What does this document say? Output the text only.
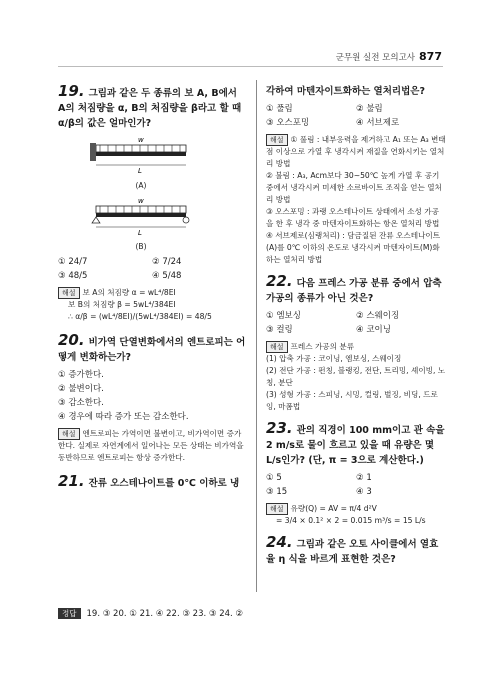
군무원 실전 모의고사 877

19. 그림과 같은 두 종류의 보 A, B에서 A의 처짐량을 α, B의 처짐량을 β라고 할 때 α/β의 값은 얼마인가?

w
L
(A)
w
L
(B)
① 24/7	② 7/24
③ 48/5	④ 5/48
해설 보 A의 처짐량 α = wL⁴/8EI
보 B의 처짐량 β = 5wL⁴/384EI
∴ α/β = (wL⁴/8EI)/(5wL⁴/384EI) = 48/5

20. 비가역 단열변화에서의 엔트로피는 어떻게 변화하는가?

① 증가한다.
② 불변이다.
③ 감소한다.
④ 경우에 따라 증가 또는 감소한다.
해설 엔트로피는 가역이면 불변이고, 비가역이면 증가한다. 실제로 자연계에서 일어나는 모든 상태는 비가역을 동반하므로 엔트로피는 항상 증가한다.

21. 잔류 오스테나이트를 0℃ 이하로 냉

각하여 마텐자이트화하는 열처리법은?

① 풀림	② 불림
③ 오스포밍	④ 서브제로
해설 ① 풀림 : 내부응력을 제거하고 A₁ 또는 A₃ 변태점 이상으로 가열 후 냉각시켜 재질을 연화시키는 열처리 방법
② 불림 : A₃, Acm보다 30~50℃ 높게 가열 후 공기 중에서 냉각시켜 미세한 소르바이트 조직을 얻는 열처리 방법
③ 오스포밍 : 과랭 오스테나이트 상태에서 소성 가공을 한 후 냉각 중 마텐자이트화하는 항온 열처리 방법
④ 서브제로(심랭처리) : 담금질된 잔류 오스테나이트(A)를 0℃ 이하의 온도로 냉각시켜 마텐자이트(M)화하는 열처리 방법

22. 다음 프레스 가공 분류 중에서 압축 가공의 종류가 아닌 것은?

① 엠보싱	② 스웨이징
③ 컬링	④ 코이닝
해설 프레스 가공의 분류
(1) 압축 가공 : 코이닝, 엠보싱, 스웨이징
(2) 전단 가공 : 펀칭, 블랭킹, 전단, 트리밍, 셰이빙, 노칭, 분단
(3) 성형 가공 : 스피닝, 시밍, 컬링, 벌징, 비딩, 드로잉, 마폼법

23. 관의 직경이 100 mm이고 관 속을 2 m/s로 물이 흐르고 있을 때 유량은 몇 L/s인가? (단, π = 3으로 계산한다.)

① 5	② 1
③ 15	④ 3
해설 유량(Q) = AV = π/4 d²V
= 3/4 × 0.1² × 2 = 0.015 m³/s = 15 L/s

24. 그림과 같은 오토 사이클에서 열효율 η 식을 바르게 표현한 것은?

정답 19. ③ 20. ① 21. ④ 22. ③ 23. ③ 24. ②
